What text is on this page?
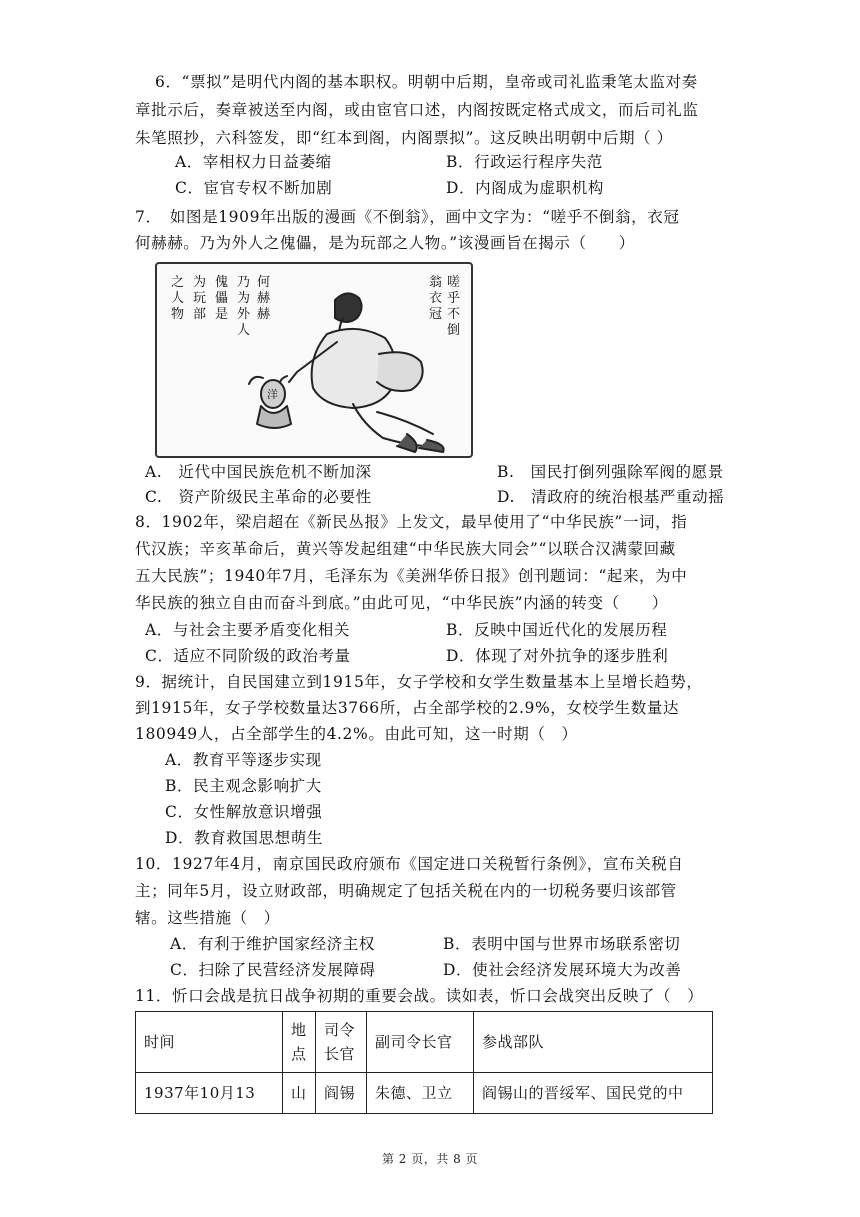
6．“票拟”是明代内阁的基本职权。明朝中后期，皇帝或司礼监秉笔太监对奏
章批示后，奏章被送至内阁，或由宦官口述，内阁按既定格式成文，而后司礼监
朱笔照抄，六科签发，即“红本到阁，内阁票拟”。这反映出明朝中后期（ ）
A．宰相权力日益萎缩	B．行政运行程序失范
C．宦官专权不断加剧	D．内阁成为虚职机构
7．　如图是1909年出版的漫画《不倒翁》，画中文字为：“嗟乎不倒翁，衣冠
何赫赫。乃为外人之傀儡，是为玩部之人物。”该漫画旨在揭示（　　）
嗟
乎
不
倒
翁
衣
冠
何
赫
赫
乃
为
外
人
傀
儡
是
为
玩
部
之
人
物
洋
A.　近代中国民族危机不断加深	B.　国民打倒列强除军阀的愿景
C.　资产阶级民主革命的必要性	D.　清政府的统治根基严重动摇
8．1902年，梁启超在《新民丛报》上发文，最早使用了“中华民族”一词，指
代汉族；辛亥革命后，黄兴等发起组建“中华民族大同会”“以联合汉满蒙回藏
五大民族”；1940年7月，毛泽东为《美洲华侨日报》创刊题词：“起来，为中
华民族的独立自由而奋斗到底。”由此可见，“中华民族”内涵的转变（　　）
A．与社会主要矛盾变化相关	B．反映中国近代化的发展历程
C．适应不同阶级的政治考量	D．体现了对外抗争的逐步胜利
9．据统计，自民国建立到1915年，女子学校和女学生数量基本上呈增长趋势，
到1915年，女子学校数量达3766所，占全部学校的2.9%，女校学生数量达
180949人，占全部学生的4.2%。由此可知，这一时期（　）
A．教育平等逐步实现
B．民主观念影响扩大
C．女性解放意识增强
D．教育救国思想萌生
10．1927年4月，南京国民政府颁布《国定进口关税暂行条例》，宣布关税自
主；同年5月，设立财政部，明确规定了包括关税在内的一切税务要归该部管
辖。这些措施（　）
A．有利于维护国家经济主权	B．表明中国与世界市场联系密切
C．扫除了民营经济发展障碍	D．使社会经济发展环境大为改善
11．忻口会战是抗日战争初期的重要会战。读如表，忻口会战突出反映了（　）
时间	地点	司令长官	副司令长官	参战部队
1937年10月13	山	阎锡	朱德、卫立	阎锡山的晋绥军、国民党的中
第 2 页，共 8 页
